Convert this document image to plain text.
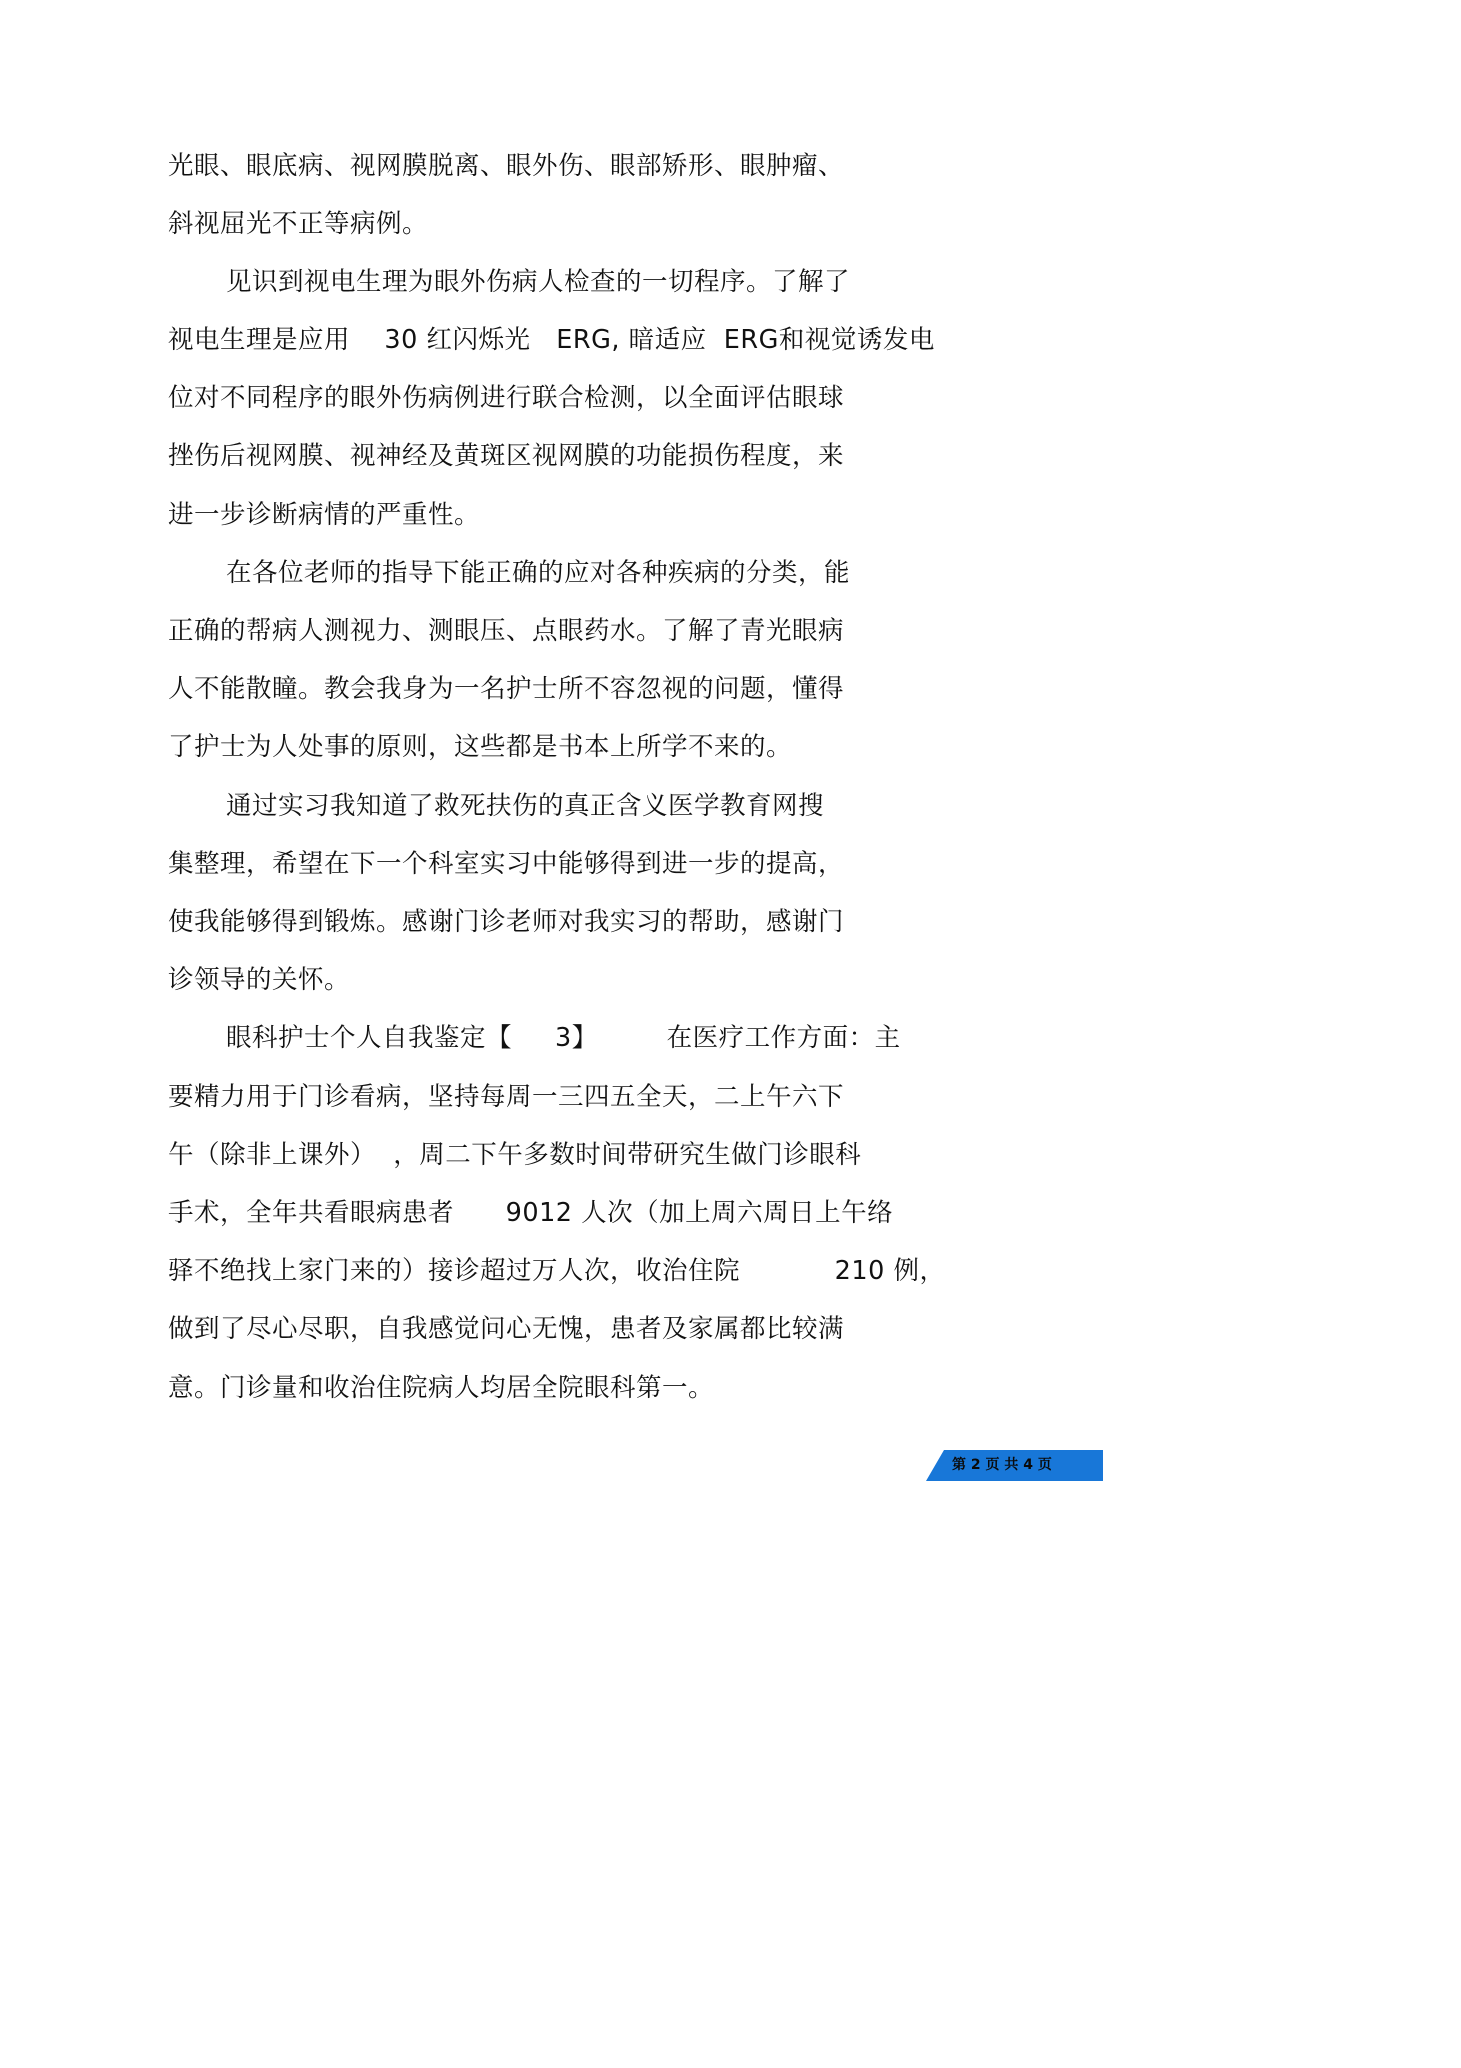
光眼、眼底病、视网膜脱离、眼外伤、眼部矫形、眼肿瘤、
斜视屈光不正等病例。
见识到视电生理为眼外伤病人检查的一切程序。了解了
视电生理是应用    30 红闪烁光   ERG, 暗适应  ERG和视觉诱发电
位对不同程序的眼外伤病例进行联合检测，以全面评估眼球
挫伤后视网膜、视神经及黄斑区视网膜的功能损伤程度，来
进一步诊断病情的严重性。
在各位老师的指导下能正确的应对各种疾病的分类，能
正确的帮病人测视力、测眼压、点眼药水。了解了青光眼病
人不能散瞳。教会我身为一名护士所不容忽视的问题，懂得
了护士为人处事的原则，这些都是书本上所学不来的。
通过实习我知道了救死扶伤的真正含义医学教育网搜
集整理，希望在下一个科室实习中能够得到进一步的提高，
使我能够得到锻炼。感谢门诊老师对我实习的帮助，感谢门
诊领导的关怀。
眼科护士个人自我鉴定【     3】        在医疗工作方面：主
要精力用于门诊看病，坚持每周一三四五全天，二上午六下
午（除非上课外）  ，周二下午多数时间带研究生做门诊眼科
手术，全年共看眼病患者      9012 人次（加上周六周日上午络
驿不绝找上家门来的）接诊超过万人次，收治住院           210 例，
做到了尽心尽职，自我感觉问心无愧，患者及家属都比较满
意。门诊量和收治住院病人均居全院眼科第一。
第 2 页 共 4 页
